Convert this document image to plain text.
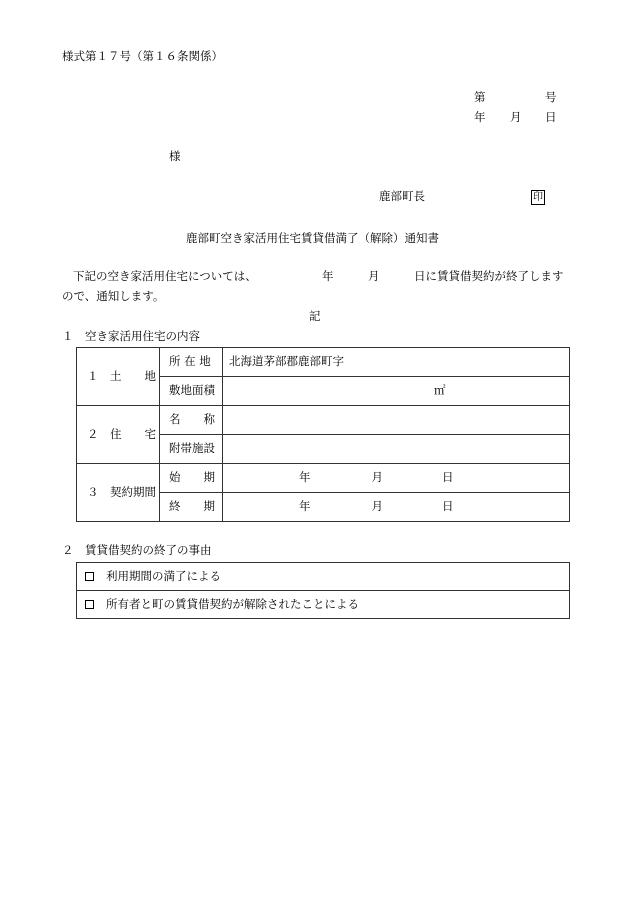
様式第１７号（第１６条関係）
第	号
年 月 日
様
鹿部町長	印
鹿部町空き家活用住宅賃貸借満了（解除）通知書
下記の空き家活用住宅については、	年	月	日に賃貸借契約が終了します
ので、通知します。
記
１　空き家活用住宅の内容
１　土　　地	所 在 地	北海道茅部郡鹿部町字
	敷地面積	㎡
２　住　　宅	名　　称	
	附帯施設	
３　契約期間	始　　期	年 月 日
	終　　期	年 月 日
２　賃貸借契約の終了の事由
利用期間の満了による
所有者と町の賃貸借契約が解除されたことによる
